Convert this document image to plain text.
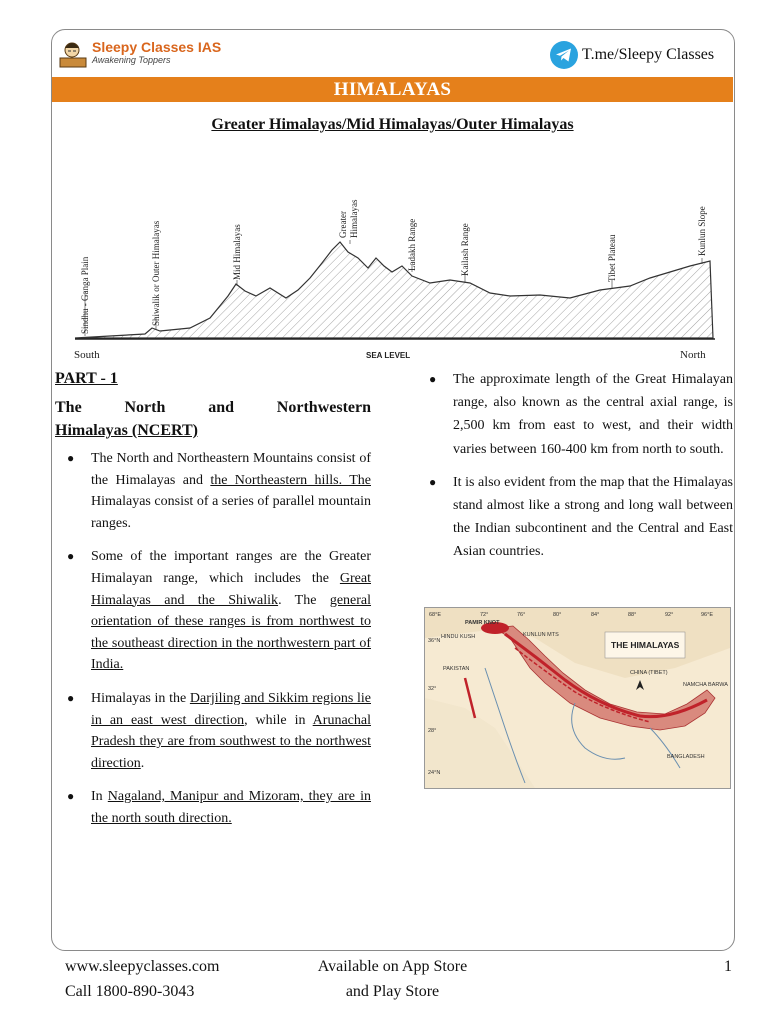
Sleepy Classes IAS
Awakening Toppers	T.me/Sleepy Classes
HIMALAYAS
Greater Himalayas/Mid Himalayas/Outer Himalayas
Sindhu - Ganga Plain	Shiwalik or Outer Himalayas	Mid Himalayas	Greater Himalayas
Ladakh Range	Kailash Range	Tibet Plateau
Kunlun Slope
South	SEA LEVEL	North

PART - 1

The North and Northwestern

Himalayas (NCERT)

● The North and Northeastern Mountains consist of the Himalayas and the Northeastern hills. The Himalayas consist of a series of parallel mountain ranges.
● Some of the important ranges are the Greater Himalayan range, which includes the Great Himalayas and the Shiwalik. The general orientation of these ranges is from northwest to the southeast direction in the northwestern part of India.
● Himalayas in the Darjiling and Sikkim regions lie in an east west direction, while in Arunachal Pradesh they are from southwest to the northwest direction.
● In Nagaland, Manipur and Mizoram, they are in the north south direction.
● The approximate length of the Great Himalayan range, also known as the central axial range, is 2,500 km from east to west, and their width varies between 160-400 km from north to south.
● It is also evident from the map that the Himalayas stand almost like a strong and long wall between the Indian subcontinent and the Central and East Asian countries.
THE HIMALAYAS
68°E	72°	76°	80°	84°	88°	92°	96°E
36°N
32°
28°
24°N
PAMIR KNOT
HINDU KUSH	KUNLUN MTS
PAKISTAN
CHINA (TIBET)
NAMCHA BARWA
BANGLADESH
www.sleepyclasses.com
Call 1800-890-3043
Available on App Store
and Play Store
1
